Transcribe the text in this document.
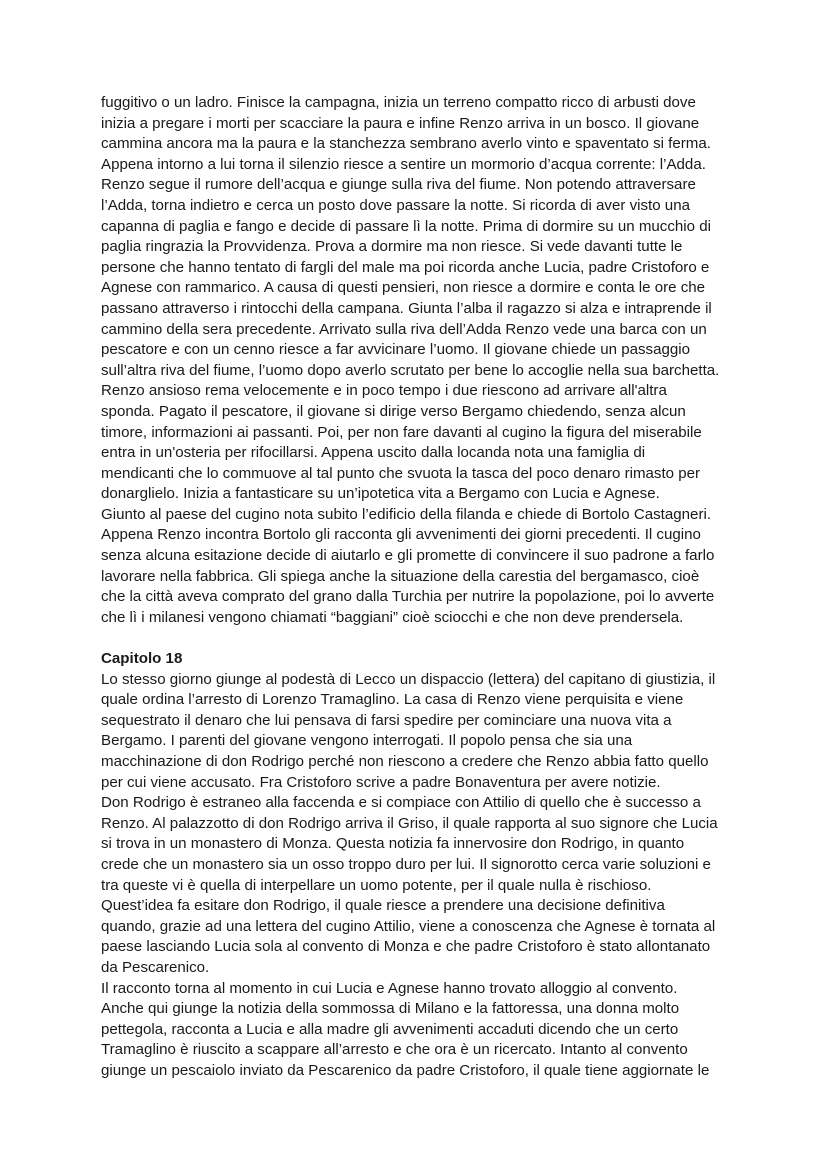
fuggitivo o un ladro. Finisce la campagna, inizia un terreno compatto ricco di arbusti dove
inizia a pregare i morti per scacciare la paura e infine Renzo arriva in un bosco. Il giovane
cammina ancora ma la paura e la stanchezza sembrano averlo vinto e spaventato si ferma.
Appena intorno a lui torna il silenzio riesce a sentire un mormorio d’acqua corrente: l’Adda.
Renzo segue il rumore dell’acqua e giunge sulla riva del fiume. Non potendo attraversare
l’Adda, torna indietro e cerca un posto dove passare la notte. Si ricorda di aver visto una
capanna di paglia e fango e decide di passare lì la notte. Prima di dormire su un mucchio di
paglia ringrazia la Provvidenza. Prova a dormire ma non riesce. Si vede davanti tutte le
persone che hanno tentato di fargli del male ma poi ricorda anche Lucia, padre Cristoforo e
Agnese con rammarico. A causa di questi pensieri, non riesce a dormire e conta le ore che
passano attraverso i rintocchi della campana. Giunta l’alba il ragazzo si alza e intraprende il
cammino della sera precedente. Arrivato sulla riva dell’Adda Renzo vede una barca con un
pescatore e con un cenno riesce a far avvicinare l’uomo. Il giovane chiede un passaggio
sull’altra riva del fiume, l’uomo dopo averlo scrutato per bene lo accoglie nella sua barchetta.
Renzo ansioso rema velocemente e in poco tempo i due riescono ad arrivare all'altra
sponda. Pagato il pescatore, il giovane si dirige verso Bergamo chiedendo, senza alcun
timore, informazioni ai passanti. Poi, per non fare davanti al cugino la figura del miserabile
entra in un'osteria per rifocillarsi. Appena uscito dalla locanda nota una famiglia di
mendicanti che lo commuove al tal punto che svuota la tasca del poco denaro rimasto per
donarglielo. Inizia a fantasticare su un’ipotetica vita a Bergamo con Lucia e Agnese.
Giunto al paese del cugino nota subito l’edificio della filanda e chiede di Bortolo Castagneri.
Appena Renzo incontra Bortolo gli racconta gli avvenimenti dei giorni precedenti. Il cugino
senza alcuna esitazione decide di aiutarlo e gli promette di convincere il suo padrone a farlo
lavorare nella fabbrica. Gli spiega anche la situazione della carestia del bergamasco, cioè
che la città aveva comprato del grano dalla Turchia per nutrire la popolazione, poi lo avverte
che lì i milanesi vengono chiamati “baggiani” cioè sciocchi e che non deve prendersela.
Capitolo 18
Lo stesso giorno giunge al podestà di Lecco un dispaccio (lettera) del capitano di giustizia, il
quale ordina l’arresto di Lorenzo Tramaglino. La casa di Renzo viene perquisita e viene
sequestrato il denaro che lui pensava di farsi spedire per cominciare una nuova vita a
Bergamo. I parenti del giovane vengono interrogati. Il popolo pensa che sia una
macchinazione di don Rodrigo perché non riescono a credere che Renzo abbia fatto quello
per cui viene accusato. Fra Cristoforo scrive a padre Bonaventura per avere notizie.
Don Rodrigo è estraneo alla faccenda e si compiace con Attilio di quello che è successo a
Renzo. Al palazzotto di don Rodrigo arriva il Griso, il quale rapporta al suo signore che Lucia
si trova in un monastero di Monza. Questa notizia fa innervosire don Rodrigo, in quanto
crede che un monastero sia un osso troppo duro per lui. Il signorotto cerca varie soluzioni e
tra queste vi è quella di interpellare un uomo potente, per il quale nulla è rischioso.
Quest’idea fa esitare don Rodrigo, il quale riesce a prendere una decisione definitiva
quando, grazie ad una lettera del cugino Attilio, viene a conoscenza che Agnese è tornata al
paese lasciando Lucia sola al convento di Monza e che padre Cristoforo è stato allontanato
da Pescarenico.
Il racconto torna al momento in cui Lucia e Agnese hanno trovato alloggio al convento.
Anche qui giunge la notizia della sommossa di Milano e la fattoressa, una donna molto
pettegola, racconta a Lucia e alla madre gli avvenimenti accaduti dicendo che un certo
Tramaglino è riuscito a scappare all’arresto e che ora è un ricercato. Intanto al convento
giunge un pescaiolo inviato da Pescarenico da padre Cristoforo, il quale tiene aggiornate le
